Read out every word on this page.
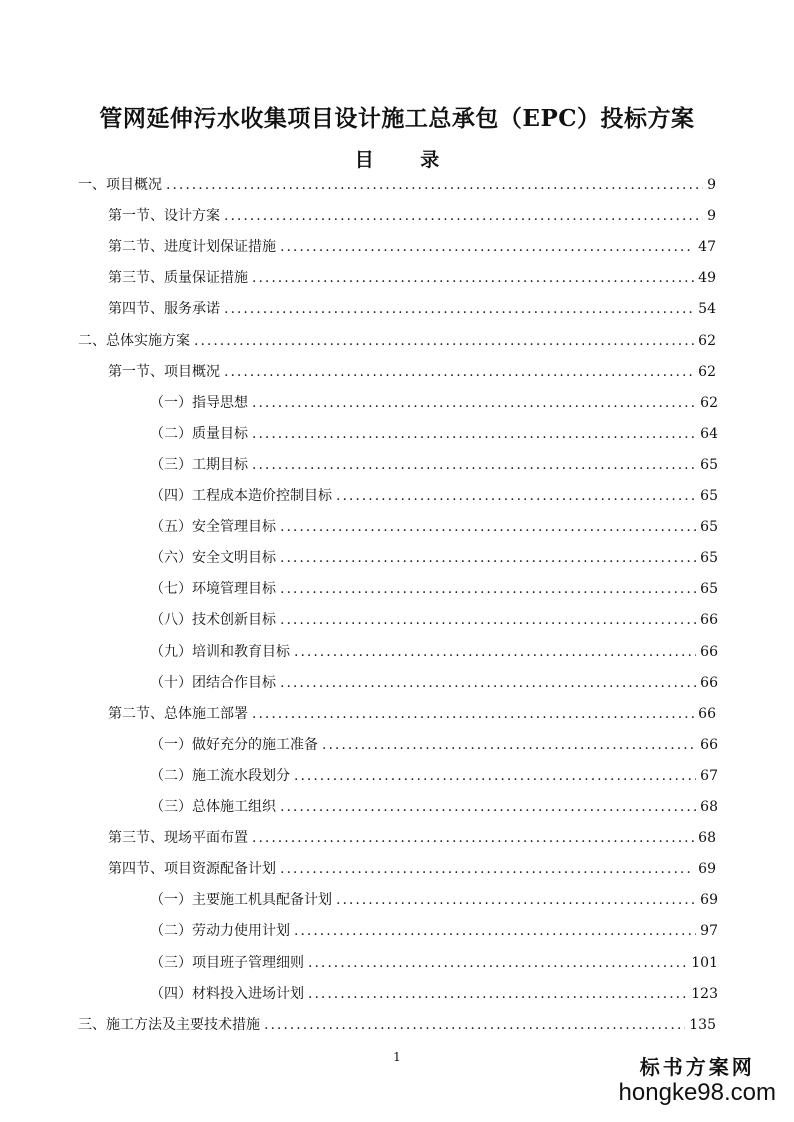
管网延伸污水收集项目设计施工总承包（EPC）投标方案
目 录
一、项目概况 .....	9
第一节、设计方案 .....	9
第二节、进度计划保证措施 .....	47
第三节、质量保证措施 .....	49
第四节、服务承诺 .....	54
二、总体实施方案 .....	62
第一节、项目概况 .....	62
（一）指导思想 .....	62
（二）质量目标 .....	64
（三）工期目标 .....	65
（四）工程成本造价控制目标 .....	65
（五）安全管理目标 .....	65
（六）安全文明目标 .....	65
（七）环境管理目标 .....	65
（八）技术创新目标 .....	66
（九）培训和教育目标 .....	66
（十）团结合作目标 .....	66
第二节、总体施工部署 .....	66
（一）做好充分的施工准备 .....	66
（二）施工流水段划分 .....	67
（三）总体施工组织 .....	68
第三节、现场平面布置 .....	68
第四节、项目资源配备计划 .....	69
（一）主要施工机具配备计划 .....	69
（二）劳动力使用计划 .....	97
（三）项目班子管理细则 .....	101
（四）材料投入进场计划 .....	123
三、施工方法及主要技术措施 .....	135
1	标书方案网
hongke98.com
